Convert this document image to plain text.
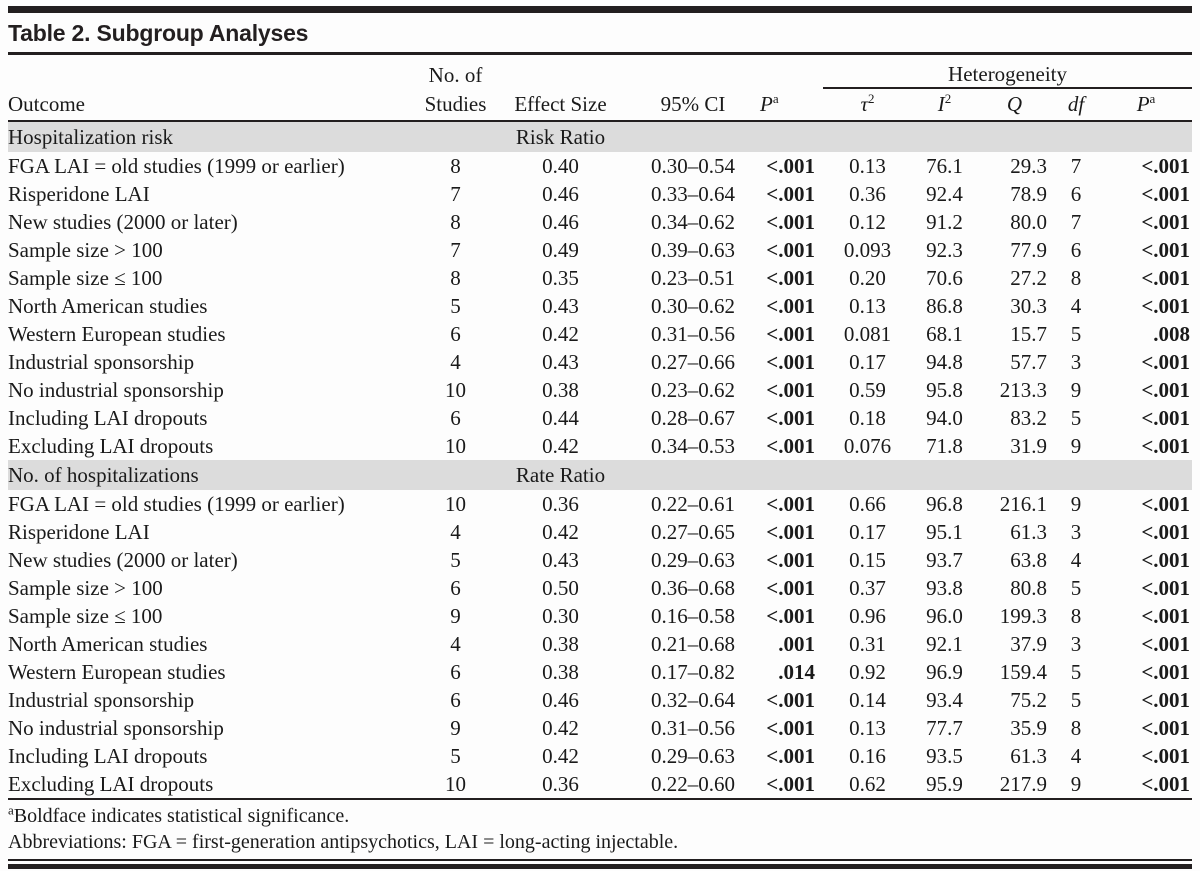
Table 2. Subgroup Analyses
	No. of				Heterogeneity				
Outcome	Studies	Effect Size	95% CI	$P^a$	$\tau^2$	$I^2$	Q	df	$P^a$
Hospitalization risk		Risk Ratio							
FGA LAI = old studies (1999 or earlier)	8	0.40	0.30–0.54	<.001	0.13	76.1	29.3	7	<.001
Risperidone LAI	7	0.46	0.33–0.64	<.001	0.36	92.4	78.9	6	<.001
New studies (2000 or later)	8	0.46	0.34–0.62	<.001	0.12	91.2	80.0	7	<.001
Sample size > 100	7	0.49	0.39–0.63	<.001	0.093	92.3	77.9	6	<.001
Sample size ≤ 100	8	0.35	0.23–0.51	<.001	0.20	70.6	27.2	8	<.001
North American studies	5	0.43	0.30–0.62	<.001	0.13	86.8	30.3	4	<.001
Western European studies	6	0.42	0.31–0.56	<.001	0.081	68.1	15.7	5	.008
Industrial sponsorship	4	0.43	0.27–0.66	<.001	0.17	94.8	57.7	3	<.001
No industrial sponsorship	10	0.38	0.23–0.62	<.001	0.59	95.8	213.3	9	<.001
Including LAI dropouts	6	0.44	0.28–0.67	<.001	0.18	94.0	83.2	5	<.001
Excluding LAI dropouts	10	0.42	0.34–0.53	<.001	0.076	71.8	31.9	9	<.001
No. of hospitalizations		Rate Ratio							
FGA LAI = old studies (1999 or earlier)	10	0.36	0.22–0.61	<.001	0.66	96.8	216.1	9	<.001
Risperidone LAI	4	0.42	0.27–0.65	<.001	0.17	95.1	61.3	3	<.001
New studies (2000 or later)	5	0.43	0.29–0.63	<.001	0.15	93.7	63.8	4	<.001
Sample size > 100	6	0.50	0.36–0.68	<.001	0.37	93.8	80.8	5	<.001
Sample size ≤ 100	9	0.30	0.16–0.58	<.001	0.96	96.0	199.3	8	<.001
North American studies	4	0.38	0.21–0.68	.001	0.31	92.1	37.9	3	<.001
Western European studies	6	0.38	0.17–0.82	.014	0.92	96.9	159.4	5	<.001
Industrial sponsorship	6	0.46	0.32–0.64	<.001	0.14	93.4	75.2	5	<.001
No industrial sponsorship	9	0.42	0.31–0.56	<.001	0.13	77.7	35.9	8	<.001
Including LAI dropouts	5	0.42	0.29–0.63	<.001	0.16	93.5	61.3	4	<.001
Excluding LAI dropouts	10	0.36	0.22–0.60	<.001	0.62	95.9	217.9	9	<.001
$^a$Boldface indicates statistical significance.
Abbreviations: FGA = first-generation antipsychotics, LAI = long-acting injectable.
